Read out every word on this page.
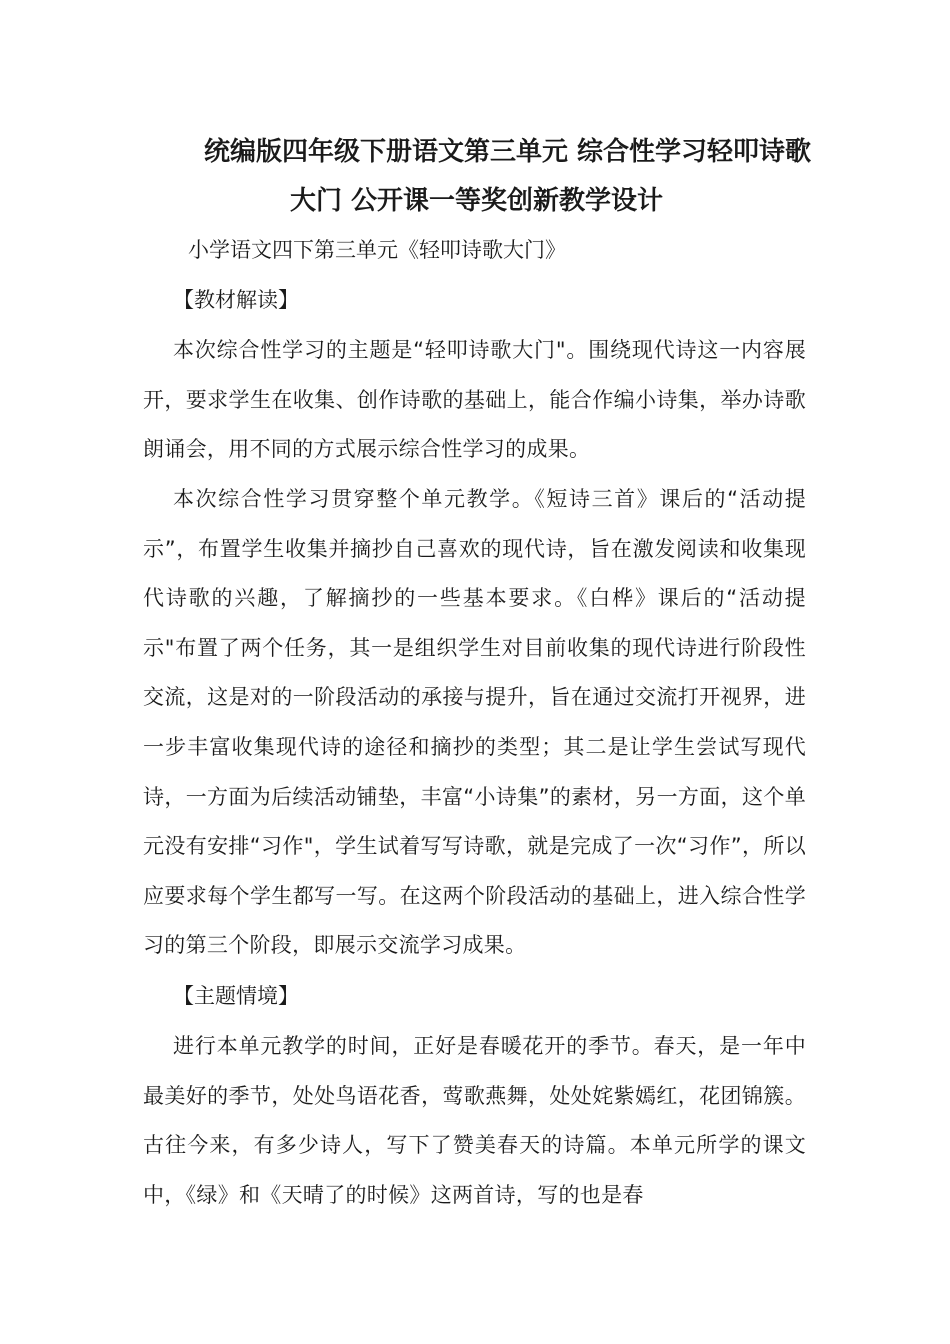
统编版四年级下册语文第三单元 综合性学习轻叩诗歌
大门 公开课一等奖创新教学设计
小学语文四下第三单元《轻叩诗歌大门》
【教材解读】
本次综合性学习的主题是“轻叩诗歌大门"。围绕现代诗这一内容展开，要求学生在收集、创作诗歌的基础上，能合作编小诗集，举办诗歌朗诵会，用不同的方式展示综合性学习的成果。
本次综合性学习贯穿整个单元教学。《短诗三首》课后的“活动提示”，布置学生收集并摘抄自己喜欢的现代诗，旨在激发阅读和收集现代诗歌的兴趣，了解摘抄的一些基本要求。《白桦》课后的“活动提示"布置了两个任务，其一是组织学生对目前收集的现代诗进行阶段性交流，这是对的一阶段活动的承接与提升，旨在通过交流打开视界，进一步丰富收集现代诗的途径和摘抄的类型；其二是让学生尝试写现代诗，一方面为后续活动铺垫，丰富“小诗集”的素材，另一方面，这个单元没有安排“习作"，学生试着写写诗歌，就是完成了一次“习作”，所以应要求每个学生都写一写。在这两个阶段活动的基础上，进入综合性学习的第三个阶段，即展示交流学习成果。
【主题情境】
进行本单元教学的时间，正好是春暖花开的季节。春天，是一年中最美好的季节，处处鸟语花香，莺歌燕舞，处处姹紫嫣红，花团锦簇。古往今来，有多少诗人，写下了赞美春天的诗篇。本单元所学的课文中，《绿》和《天晴了的时候》这两首诗，写的也是春
